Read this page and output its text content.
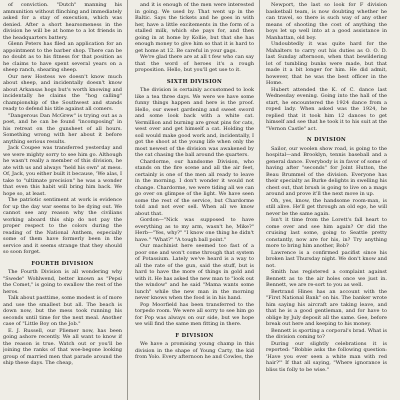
of conviction. "Dutch" manning his ammunition without flinching and immediately asked for a stay of execution, which was denied. After a short hearsomeness in the division he will be at home to a lot friends in the headquarters battery.

Glenn Peters has filed an application for an appointment to the barber shop. There can be no doubt as to his fitness for that position as he claims to have spent several years on a sheep ranch, shearing sheep.

Our new Hostess we doesn't know much about sheep, and incidentally doesn't know about Arkansas hogs but's worth knowing and incidentally he claims the "hog calling" championship of the Southwest and stands ready to defend his title against all comers.

"Dangerous Dan McGrew" is trying out as a poet, and he can be found "incomposing" in his retreat on the gunsheet of all hours. Something wrong with her about it before anything serious results.

Jack Coupee was transferred yesterday and we were mighty sorry to see him go. Although he wasn't really a member of this division, he ate with us and always "held his own" at mess. Of, Jack, you either built it because, 'We alas, I take to "ultimate precision" he was a wonder that even this habit will bring him back. We hope so, at least.

The patriotic sentiment at work is evidence for up the day war seems to be dying out. We cannot see any reason why the civilians working aboard this ship do not pay the proper respect to the colors during the reading of the National Anthem, especially some of them have formerly been in the service and it seems strange that they should so soon forget.

FOURTH DIVISION

The Fourth Division is all wondering why "Swede" Wohlwend, better known as "Pepsi the Comet," is going to swallow the rest of the heros.

Talk about pasttime, some modest is of more and use the smallest but all. The beach is down now, but the mess took running his seconds until time for the next meal. Another case of "Little Boy on the Job."

E. J. Russell, our Pliemer now, has been going ashore recently. We all want to know if the reason is true. Watch out or you'll be joining the ranks of that woe-begone looking group of married men that parade around the ship these days. The cheap,

and it is enough of the men were interested in going. We used by. That went up in the Baltic. Says the tickets and he goes in with her, have a little excitements in the form of a stalled milk, which she pays for, and then going in at home by Kollie, but that she has enough money to give him so that it is hard to get home at 12. Be careful in your gags.

We're glad there are at all t few who can say that the word of heroes it's a rough proposition. Hello, but you'll get use to it.

SIXTH DIVISION

The division is certainly accustomed to look like a tea three days. We were we have some funny things happen and here is the proof. Hello, our sweet gardening and sweet sword and some look back with a white cat. Vermillion and burning are great pins for cats, west over and get himself a cat. Holding the soil would make good work and, incidentally, I got the shoot at the young life when only the most newest of the division was awakened by the cat chasing the ball around the quarters.

Chardorme, our handsome Division, who stands on the fire scene and all the air feet, certainly is one of the men all ready to leave in the morning. I don't wonder it would not change. Chardorme, we were tiding all we can go over on glimpse of the light. We have seen some the rest of the service, but Chardorme told and not ever sell. When all we know about that.

Gordon—"Nick was supposed to have everything as to my arm, wasn't he, Mike?" Herb—"Yes, why?" "I know one thing he didn't have." "What?" "A tough ball point."

Our machinist here seemed too fast of a poor one and won't come through that system of Potassium. Lately we've heard is a way to all the rate of the gun, said the stuff, but is hard to have the more of things in gold and with it. He has asked the new man to "look out the window" and he said "Mama wants some lunch" while the new man in the morning never knows when the food is in his hand.

Pop Moorfield has been transferred to the torpedo room. We were all sorry to see him go for Pop was always on our side, but we hope we will find the same men fitting in there.

F DIVISION

We have a promising young champ in this division in the shape of Young Carty, the kid from Yolo. Every afternoon he and Cowles, the

Newport, the last so look for F division basketball team, is now doubting whether he can travel, so there is such way of any other means of shooting the cost of anything the boys let up well into at a good assistance in Manhattan, old boy.

Undoubtedly it was quite hard for the Mahalters to carry out his duties as O. O. D. last Sunday afternoon, when that bewildering lot of tumbling bunks were made, but that made it a bit longer for him. He did admit, however, that he was the best officer in the Home.

Hubert attended the K. of C. dance last Wednesday evening. Going into the hall of the start, he encountered the 1924 dance from a roped lady. When asked was the 1924, he replied that it took him 12 dances to get himself and see that he took it to his suit at the "Vernon Castle" act.

N DIVISION

Sailor, our woolen show road, is going to the hospital—and Brooklyn, tennis baseball and a general dance. Everybody is in favor of some of having after "seconds" for Joint Hutton, the Beau Brummel of the division. Everyone has their specialty as Burke delights in swelling his chest out, that brush is going to live on a mags around and prove it'll the next move in up.

Oh, yes, know, the handsome room-man, is still alive. He'll get through an old ego, he will never be the same again.

Isn't it time from the Lorett's fall heart to come over and see him again? Or did the cruising last some, going to Seattle pretty constantly, now are for his, in? Try anything more to bring him another, Bob?

Lawrence is a confirmed pacifist since his broken last Thursday night. We don't know and not.

Smith has registered a complaint against Bennett as to the air holes once we just in. Bennett, we are re-sort to you as well.

Bertrand Hines has an account with the "First National Bank" on his. The banker wrote him saying his aircraft are taking leave, and that he is a good gentleman, and for have to oblige by July deposit all the same. Gee, before break out here and keeping to his money.

Bennett is sporting a corporal's brad. What is the division coming to?

During our slightly celebrations it is reported: "Bobbie asks the following question: 'Have you ever seen a white man with red hair?'" If that all saying, "Where ignorance is bliss tis folly to be wise."
